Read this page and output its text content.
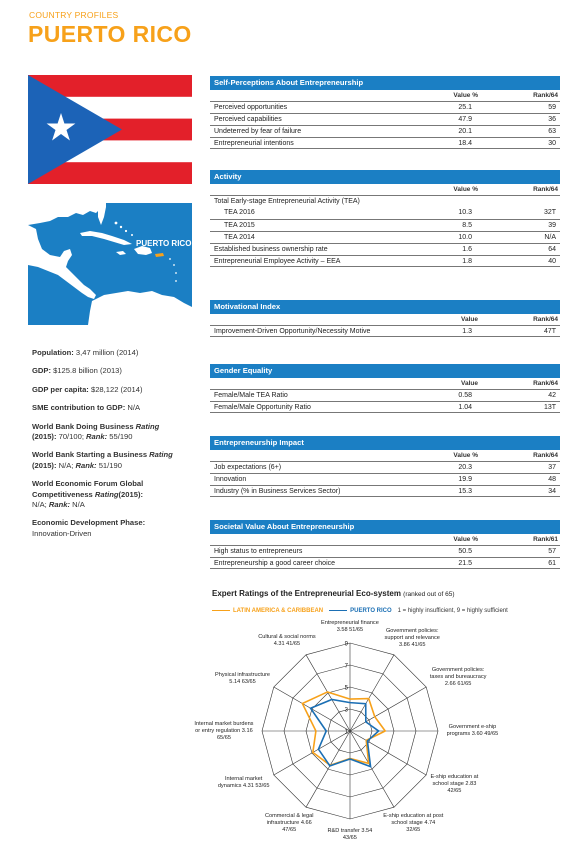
COUNTRY PROFILES
PUERTO RICO
PUERTO RICO
Population: 3,47 million (2014)
GDP: $125.8 billion (2013)
GDP per capita: $28,122 (2014)
SME contribution to GDP: N/A
World Bank Doing Business Rating
(2015): 70/100; Rank: 55/190
World Bank Starting a Business Rating
(2015): N/A; Rank: 51/190
World Economic Forum Global Competitiveness Rating(2015):
N/A; Rank: N/A
Economic Development Phase:
Innovation-Driven
Self-Perceptions About Entrepreneurship
Value %	Rank/64
Perceived opportunities	25.1	59
Perceived capabilities	47.9	36
Undeterred by fear of failure	20.1	63
Entrepreneurial intentions	18.4	30
Activity
Value %	Rank/64
Total Early-stage Entrepreneurial Activity (TEA)
TEA 2016	10.3	32T
TEA 2015	8.5	39
TEA 2014	10.0	N/A
Established business ownership rate	1.6	64
Entrepreneurial Employee Activity – EEA	1.8	40
Motivational Index
Value	Rank/64
Improvement-Driven Opportunity/Necessity Motive	1.3	47T
Gender Equality
Value	Rank/64
Female/Male TEA Ratio	0.58	42
Female/Male Opportunity Ratio	1.04	13T
Entrepreneurship Impact
Value %	Rank/64
Job expectations (6+)	20.3	37
Innovation	19.9	48
Industry (% in Business Services Sector)	15.3	34
Societal Value About Entrepreneurship
Value %	Rank/61
High status to entrepreneurs	50.5	57
Entrepreneurship a good career choice	21.5	61
Expert Ratings of the Entrepreneurial Eco-system (ranked out of 65)
LATIN AMERICA & CARIBBEAN	PUERTO RICO 1 = highly insufficient, 9 = highly sufficient
1
3
5
7
9
Entrepreneurial finance
3.58 51/65	Government policies:
support and relevance
3.86 41/65
Government policies:
taxes and bureaucracy
2.66 61/65
Government e-ship
programs 3.60 49/65
E-ship education at
school stage 2.83
42/65
E-ship education at post
school stage 4.74
32/65
R&D transfer 3.54
43/65
Commercial & legal
infrastructure 4.66
47/65
Internal market
dynamics 4.31 53/65
Internal market burdens
or entry regulation 3.16
65/65
Physical infrastructure
5.14 63/65
Cultural & social norms
4.31 41/65
